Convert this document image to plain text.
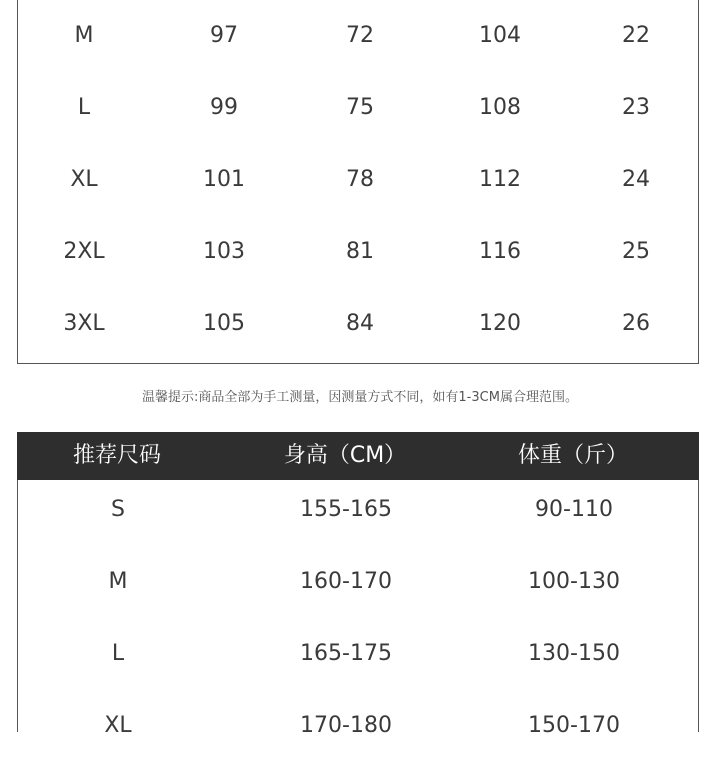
M	97	72	104	22
L	99	75	108	23
XL	101	78	112	24
2XL	103	81	116	25
3XL	105	84	120	26
温馨提示:商品全部为手工测量，因测量方式不同，如有1-3CM属合理范围。
推荐尺码	身高（CM）	体重（斤）
S	155-165	90-110
M	160-170	100-130
L	165-175	130-150
XL	170-180	150-170
